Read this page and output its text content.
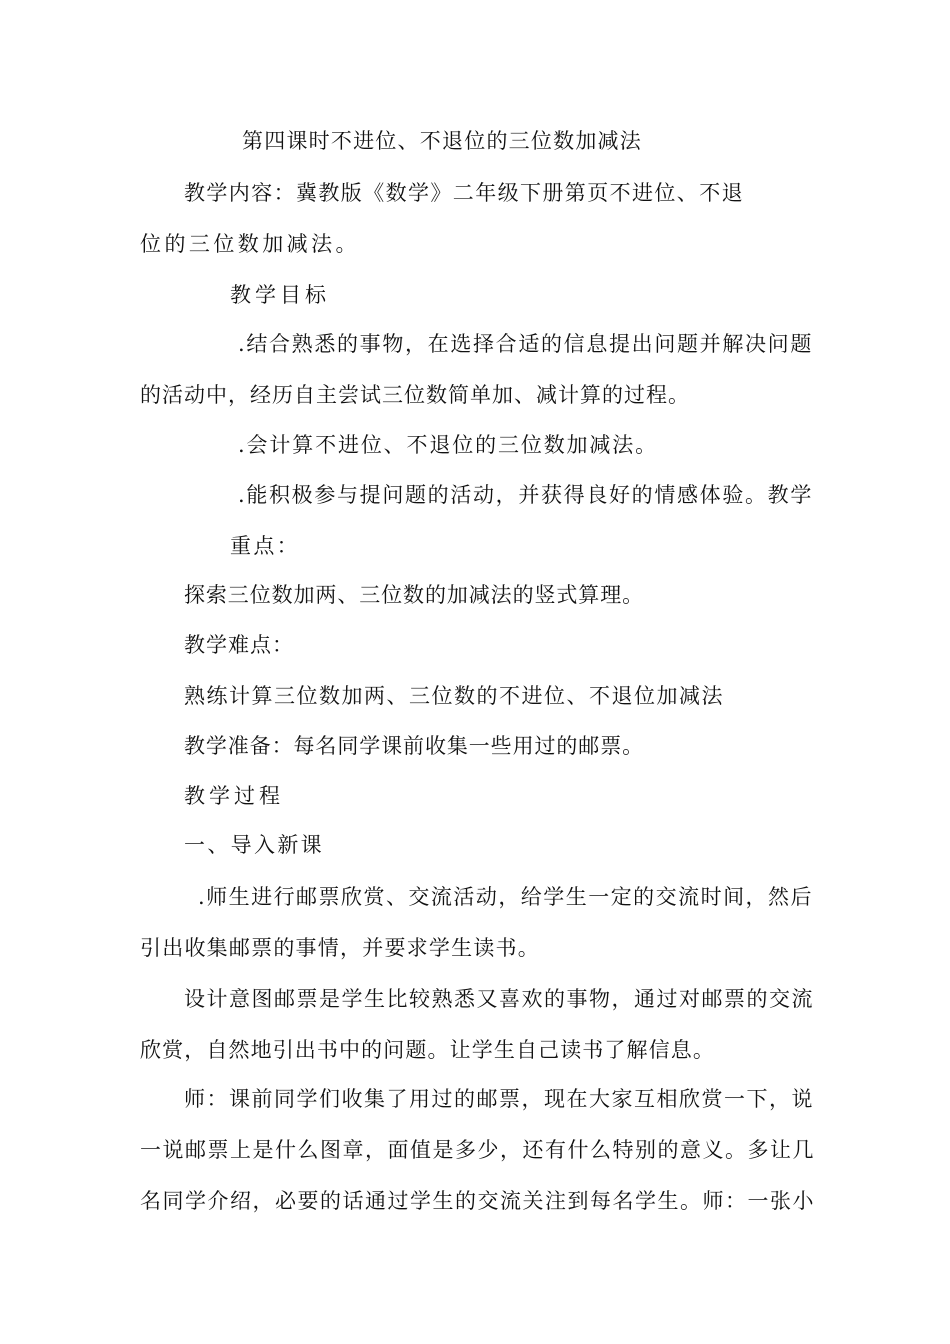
第四课时不进位、不退位的三位数加减法
教学内容：冀教版《数学》二年级下册第页不进位、不退
位的三位数加减法。
教学目标
.结合熟悉的事物，在选择合适的信息提出问题并解决问题
的活动中，经历自主尝试三位数简单加、减计算的过程。
.会计算不进位、不退位的三位数加减法。
.能积极参与提问题的活动，并获得良好的情感体验。教学
重点：
探索三位数加两、三位数的加减法的竖式算理。
教学难点：
熟练计算三位数加两、三位数的不进位、不退位加减法
教学准备：每名同学课前收集一些用过的邮票。
教学过程
一、导入新课
.师生进行邮票欣赏、交流活动，给学生一定的交流时间，然后
引出收集邮票的事情，并要求学生读书。
设计意图邮票是学生比较熟悉又喜欢的事物，通过对邮票的交流
欣赏，自然地引出书中的问题。让学生自己读书了解信息。
师：课前同学们收集了用过的邮票，现在大家互相欣赏一下，说
一说邮票上是什么图章，面值是多少，还有什么特别的意义。多让几
名同学介绍，必要的话通过学生的交流关注到每名学生。师：一张小
